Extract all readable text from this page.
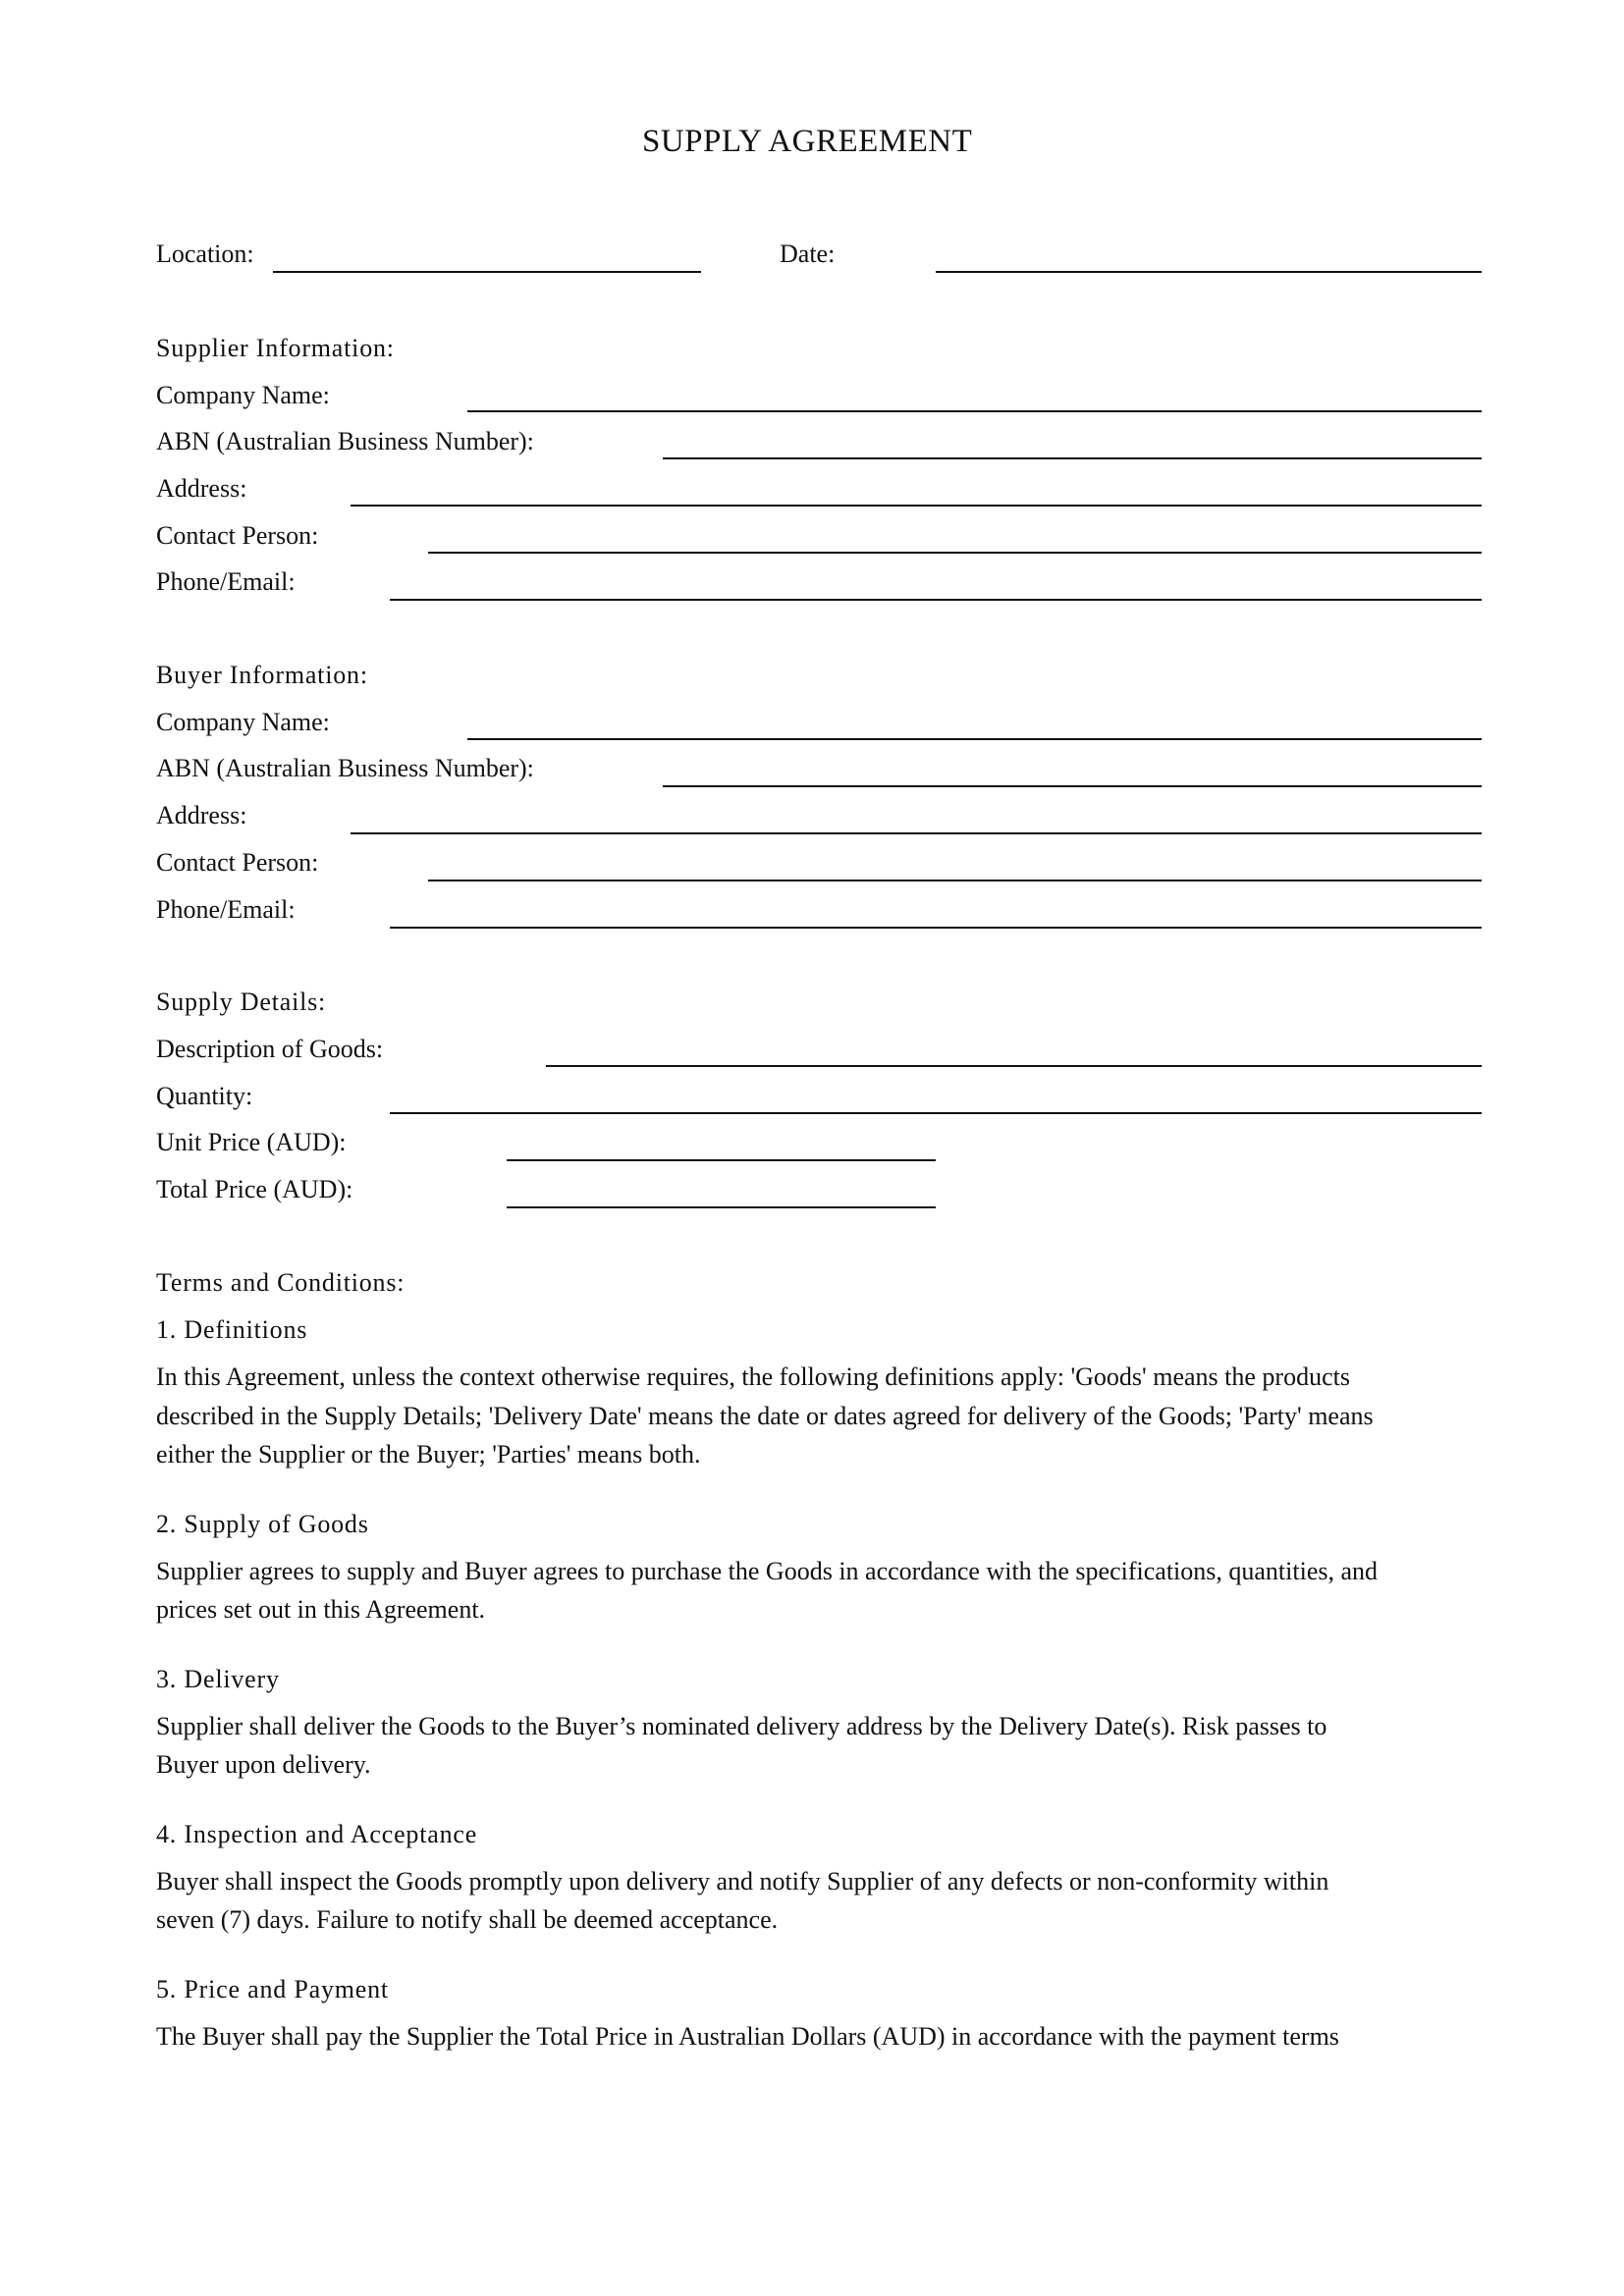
SUPPLY AGREEMENT
Location:	Date:
Supplier Information:
Company Name:
ABN (Australian Business Number):
Address:
Contact Person:
Phone/Email:
Buyer Information:
Company Name:
ABN (Australian Business Number):
Address:
Contact Person:
Phone/Email:
Supply Details:
Description of Goods:
Quantity:
Unit Price (AUD):
Total Price (AUD):
Terms and Conditions:
1. Definitions
In this Agreement, unless the context otherwise requires, the following definitions apply: 'Goods' means the products
described in the Supply Details; 'Delivery Date' means the date or dates agreed for delivery of the Goods; 'Party' means
either the Supplier or the Buyer; 'Parties' means both.
2. Supply of Goods
Supplier agrees to supply and Buyer agrees to purchase the Goods in accordance with the specifications, quantities, and
prices set out in this Agreement.
3. Delivery
Supplier shall deliver the Goods to the Buyer’s nominated delivery address by the Delivery Date(s). Risk passes to
Buyer upon delivery.
4. Inspection and Acceptance
Buyer shall inspect the Goods promptly upon delivery and notify Supplier of any defects or non-conformity within
seven (7) days. Failure to notify shall be deemed acceptance.
5. Price and Payment
The Buyer shall pay the Supplier the Total Price in Australian Dollars (AUD) in accordance with the payment terms
